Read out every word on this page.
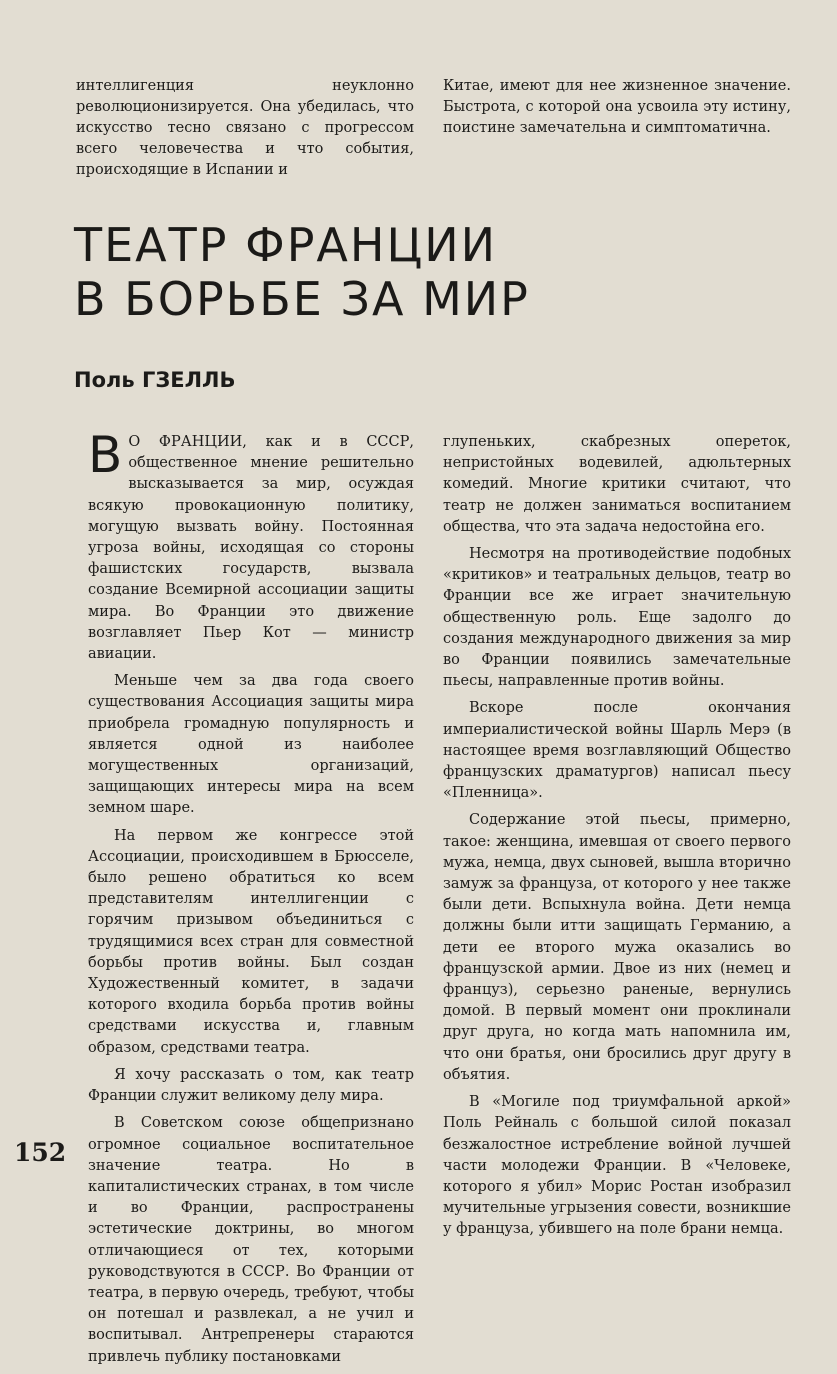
интеллигенция неуклонно революционизируется. Она убедилась, что искусство тесно связано с прогрессом всего человечества и что события, происходящие в Испании и

Китае, имеют для нее жизненное значение. Быстрота, с которой она усвоила эту истину, поистине замечательна и симптоматична.

ТЕАТР ФРАНЦИИ
В БОРЬБЕ ЗА МИР
Поль ГЗЕЛЛЬ

В О ФРАНЦИИ, как и в СССР, общественное мнение решительно высказывается за мир, осуждая всякую провокационную политику, могущую вызвать войну. Постоянная угроза войны, исходящая со стороны фашистских государств, вызвала создание Всемирной ассоциации защиты мира. Во Франции это движение возглавляет Пьер Кот — министр авиации.

Меньше чем за два года своего существования Ассоциация защиты мира приобрела громадную популярность и является одной из наиболее могущественных организаций, защищающих интересы мира на всем земном шаре.

На первом же конгрессе этой Ассоциации, происходившем в Брюсселе, было решено обратиться ко всем представителям интеллигенции с горячим призывом объединиться с трудящимися всех стран для совместной борьбы против войны. Был создан Художественный комитет, в задачи которого входила борьба против войны средствами искусства и, главным образом, средствами театра.

Я хочу рассказать о том, как театр Франции служит великому делу мира.

В Советском союзе общепризнано огромное социальное воспитательное значение театра. Но в капиталистических странах, в том числе и во Франции, распространены эстетические доктрины, во многом отличающиеся от тех, которыми руководствуются в СССР. Во Франции от театра, в первую очередь, требуют, чтобы он потешал и развлекал, а не учил и воспитывал. Антрепренеры стараются привлечь публику постановками

глупеньких, скабрезных опереток, непристойных водевилей, адюльтерных комедий. Многие критики считают, что театр не должен заниматься воспитанием общества, что эта задача недостойна его.

Несмотря на противодействие подобных «критиков» и театральных дельцов, театр во Франции все же играет значительную общественную роль. Еще задолго до создания международного движения за мир во Франции появились замечательные пьесы, направленные против войны.

Вскоре после окончания империалистической войны Шарль Мерэ (в настоящее время возглавляющий Общество французских драматургов) написал пьесу «Пленница».

Содержание этой пьесы, примерно, такое: женщина, имевшая от своего первого мужа, немца, двух сыновей, вышла вторично замуж за француза, от которого у нее также были дети. Вспыхнула война. Дети немца должны были итти защищать Германию, а дети ее второго мужа оказались во французской армии. Двое из них (немец и француз), серьезно раненые, вернулись домой. В первый момент они проклинали друг друга, но когда мать напомнила им, что они братья, они бросились друг другу в объятия.

В «Могиле под триумфальной аркой» Поль Рейналь с большой силой показал безжалостное истребление войной лучшей части молодежи Франции. В «Человеке, которого я убил» Морис Ростан изобразил мучительные угрызения совести, возникшие у француза, убившего на поле брани немца.

152
